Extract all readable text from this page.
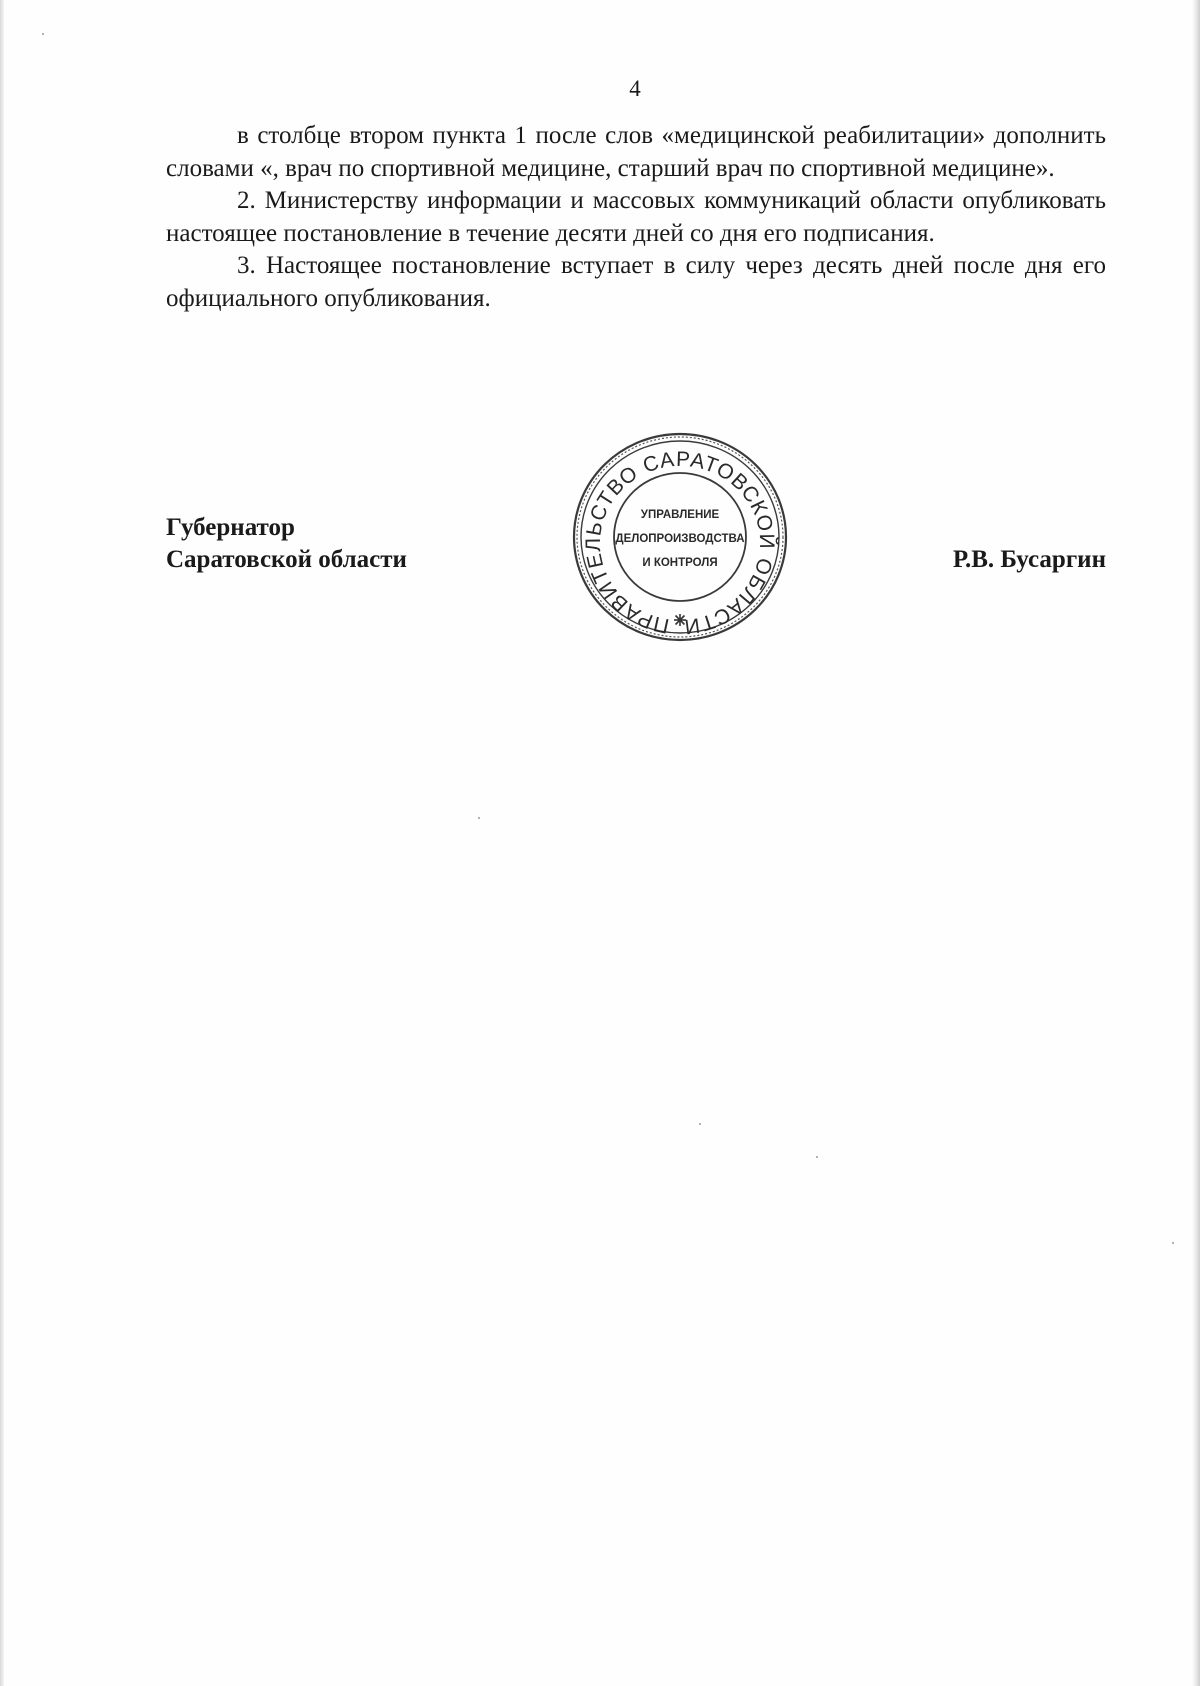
4

в столбце втором пункта 1 после слов «медицинской реабилитации» дополнить словами «, врач по спортивной медицине, старший врач по спортивной медицине».

2. Министерству информации и массовых коммуникаций области опубликовать настоящее постановление в течение десяти дней со дня его подписания.

3. Настоящее постановление вступает в силу через десять дней после дня его официального опубликования.

Губернатор
Саратовской области
ПРАВИТЕЛЬСТВО САРАТОВСКОЙ ОБЛАСТИ
УПРАВЛЕНИЕ
ДЕЛОПРОИЗВОДСТВА
И КОНТРОЛЯ	Р.В. Бусаргин
